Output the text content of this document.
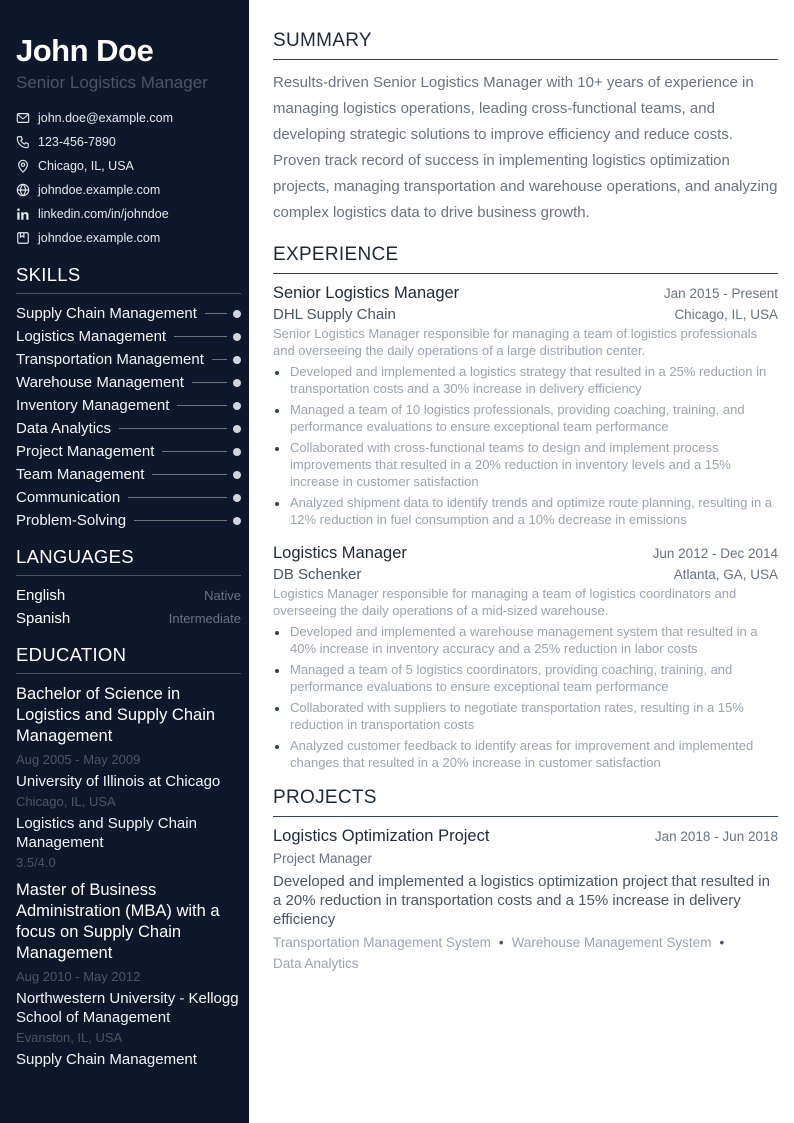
John Doe
Senior Logistics Manager
john.doe@example.com
123-456-7890
Chicago, IL, USA
johndoe.example.com
linkedin.com/in/johndoe
johndoe.example.com
SKILLS
Supply Chain Management
Logistics Management
Transportation Management
Warehouse Management
Inventory Management
Data Analytics
Project Management
Team Management
Communication
Problem-Solving
LANGUAGES
English	Native
Spanish	Intermediate
EDUCATION
Bachelor of Science in Logistics and Supply Chain Management
Aug 2005 - May 2009
University of Illinois at Chicago
Chicago, IL, USA
Logistics and Supply Chain Management
3.5/4.0
Master of Business Administration (MBA) with a focus on Supply Chain Management
Aug 2010 - May 2012
Northwestern University - Kellogg School of Management
Evanston, IL, USA
Supply Chain Management
SUMMARY

Results-driven Senior Logistics Manager with 10+ years of experience in managing logistics operations, leading cross-functional teams, and developing strategic solutions to improve efficiency and reduce costs. Proven track record of success in implementing logistics optimization projects, managing transportation and warehouse operations, and analyzing complex logistics data to drive business growth.

EXPERIENCE
Senior Logistics Manager	Jan 2015 - Present
DHL Supply Chain	Chicago, IL, USA
Senior Logistics Manager responsible for managing a team of logistics professionals and overseeing the daily operations of a large distribution center.
Developed and implemented a logistics strategy that resulted in a 25% reduction in transportation costs and a 30% increase in delivery efficiency
Managed a team of 10 logistics professionals, providing coaching, training, and performance evaluations to ensure exceptional team performance
Collaborated with cross-functional teams to design and implement process improvements that resulted in a 20% reduction in inventory levels and a 15% increase in customer satisfaction
Analyzed shipment data to identify trends and optimize route planning, resulting in a 12% reduction in fuel consumption and a 10% decrease in emissions
Logistics Manager	Jun 2012 - Dec 2014
DB Schenker	Atlanta, GA, USA
Logistics Manager responsible for managing a team of logistics coordinators and overseeing the daily operations of a mid-sized warehouse.
Developed and implemented a warehouse management system that resulted in a 40% increase in inventory accuracy and a 25% reduction in labor costs
Managed a team of 5 logistics coordinators, providing coaching, training, and performance evaluations to ensure exceptional team performance
Collaborated with suppliers to negotiate transportation rates, resulting in a 15% reduction in transportation costs
Analyzed customer feedback to identify areas for improvement and implemented changes that resulted in a 20% increase in customer satisfaction
PROJECTS
Logistics Optimization Project	Jan 2018 - Jun 2018
Project Manager
Developed and implemented a logistics optimization project that resulted in a 20% reduction in transportation costs and a 15% increase in delivery efficiency
Transportation Management System • Warehouse Management System •
Data Analytics
